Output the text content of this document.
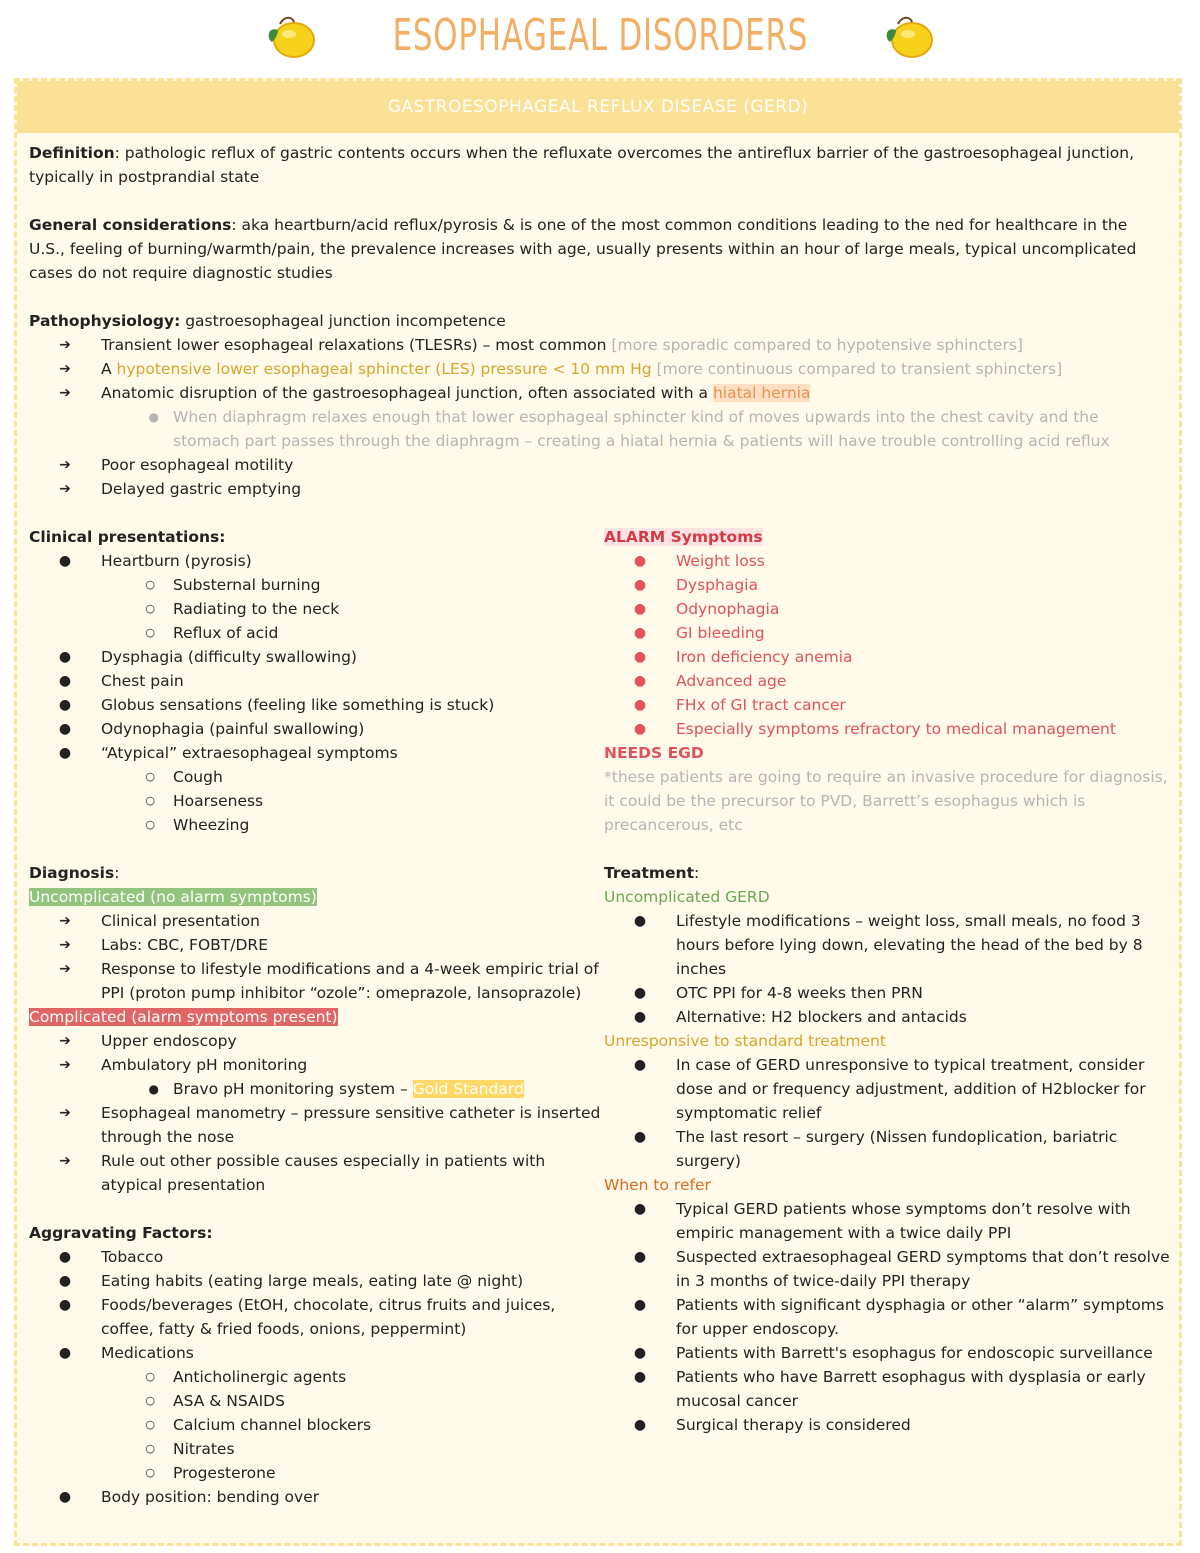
ESOPHAGEAL DISORDERS
GASTROESOPHAGEAL REFLUX DISEASE (GERD)

Definition: pathologic reflux of gastric contents occurs when the refluxate overcomes the antireflux barrier of the gastroesophageal junction, typically in postprandial state

General considerations: aka heartburn/acid reflux/pyrosis & is one of the most common conditions leading to the ned for healthcare in the U.S., feeling of burning/warmth/pain, the prevalence increases with age, usually presents within an hour of large meals, typical uncomplicated cases do not require diagnostic studies

Pathophysiology: gastroesophageal junction incompetence

➔	Transient lower esophageal relaxations (TLESRs) – most common [more sporadic compared to hypotensive sphincters]
➔	A hypotensive lower esophageal sphincter (LES) pressure < 10 mm Hg [more continuous compared to transient sphincters]
➔	Anatomic disruption of the gastroesophageal junction, often associated with a hiatal hernia
● When diaphragm relaxes enough that lower esophageal sphincter kind of moves upwards into the chest cavity and the stomach part passes through the diaphragm – creating a hiatal hernia & patients will have trouble controlling acid reflux
➔	Poor esophageal motility
➔	Delayed gastric emptying

Clinical presentations:

●	Heartburn (pyrosis)
○	Substernal burning
○	Radiating to the neck
○	Reflux of acid
●	Dysphagia (difficulty swallowing)
●	Chest pain
●	Globus sensations (feeling like something is stuck)
●	Odynophagia (painful swallowing)
●	“Atypical” extraesophageal symptoms
○	Cough
○	Hoarseness
○	Wheezing

ALARM Symptoms

●	Weight loss
●	Dysphagia
●	Odynophagia
●	GI bleeding
●	Iron deficiency anemia
●	Advanced age
●	FHx of GI tract cancer
●	Especially symptoms refractory to medical management

NEEDS EGD

*these patients are going to require an invasive procedure for diagnosis, it could be the precursor to PVD, Barrett’s esophagus which is precancerous, etc

Diagnosis:

Uncomplicated (no alarm symptoms)

➔	Clinical presentation
➔	Labs: CBC, FOBT/DRE
➔	Response to lifestyle modifications and a 4-week empiric trial of PPI (proton pump inhibitor “ozole”: omeprazole, lansoprazole)

Complicated (alarm symptoms present)

➔	Upper endoscopy
➔	Ambulatory pH monitoring
● Bravo pH monitoring system – Gold Standard
➔	Esophageal manometry – pressure sensitive catheter is inserted through the nose
➔	Rule out other possible causes especially in patients with atypical presentation

Aggravating Factors:

●	Tobacco
●	Eating habits (eating large meals, eating late @ night)
●	Foods/beverages (EtOH, chocolate, citrus fruits and juices, coffee, fatty & fried foods, onions, peppermint)
●	Medications
○	Anticholinergic agents
○	ASA & NSAIDS
○	Calcium channel blockers
○	Nitrates
○	Progesterone
●	Body position: bending over

Treatment:

Uncomplicated GERD

●	Lifestyle modifications – weight loss, small meals, no food 3 hours before lying down, elevating the head of the bed by 8 inches
●	OTC PPI for 4-8 weeks then PRN
●	Alternative: H2 blockers and antacids

Unresponsive to standard treatment

●	In case of GERD unresponsive to typical treatment, consider dose and or frequency adjustment, addition of H2blocker for symptomatic relief
●	The last resort – surgery (Nissen fundoplication, bariatric surgery)

When to refer

●	Typical GERD patients whose symptoms don’t resolve with empiric management with a twice daily PPI
●	Suspected extraesophageal GERD symptoms that don’t resolve in 3 months of twice-daily PPI therapy
●	Patients with significant dysphagia or other “alarm” symptoms for upper endoscopy.
●	Patients with Barrett's esophagus for endoscopic surveillance
●	Patients who have Barrett esophagus with dysplasia or early mucosal cancer
●	Surgical therapy is considered
